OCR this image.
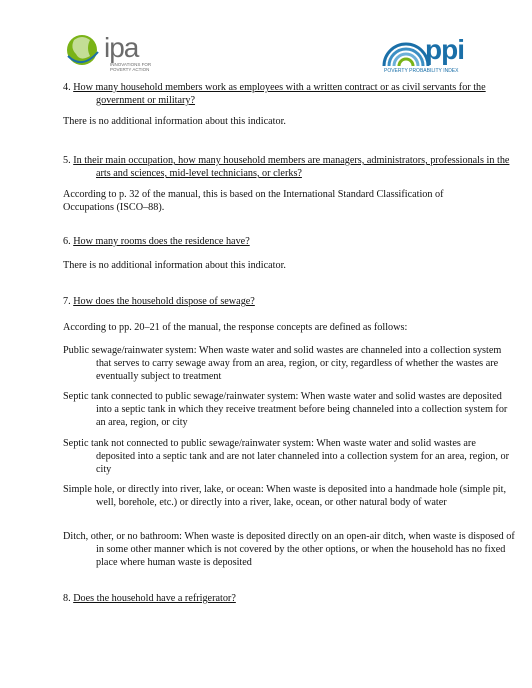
ipa
INNOVATIONS FOR POVERTY ACTION
ppi
POVERTY PROBABILITY INDEX
4. How many household members work as employees with a written contract or as civil servants for the government or military?

There is no additional information about this indicator.

5. In their main occupation, how many household members are managers, administrators, professionals in the arts and sciences, mid-level technicians, or clerks?

According to p. 32 of the manual, this is based on the International Standard Classification of Occupations (ISCO–88).

6. How many rooms does the residence have?

There is no additional information about this indicator.

7. How does the household dispose of sewage?

According to pp. 20–21 of the manual, the response concepts are defined as follows:

Public sewage/rainwater system: When waste water and solid wastes are channeled into a collection system that serves to carry sewage away from an area, region, or city, regardless of whether the wastes are eventually subject to treatment

Septic tank connected to public sewage/rainwater system: When waste water and solid wastes are deposited into a septic tank in which they receive treatment before being channeled into a collection system for an area, region, or city

Septic tank not connected to public sewage/rainwater system: When waste water and solid wastes are deposited into a septic tank and are not later channeled into a collection system for an area, region, or city

Simple hole, or directly into river, lake, or ocean: When waste is deposited into a handmade hole (simple pit, well, borehole, etc.) or directly into a river, lake, ocean, or other natural body of water

Ditch, other, or no bathroom: When waste is deposited directly on an open-air ditch, when waste is disposed of in some other manner which is not covered by the other options, or when the household has no fixed place where human waste is deposited

8. Does the household have a refrigerator?
